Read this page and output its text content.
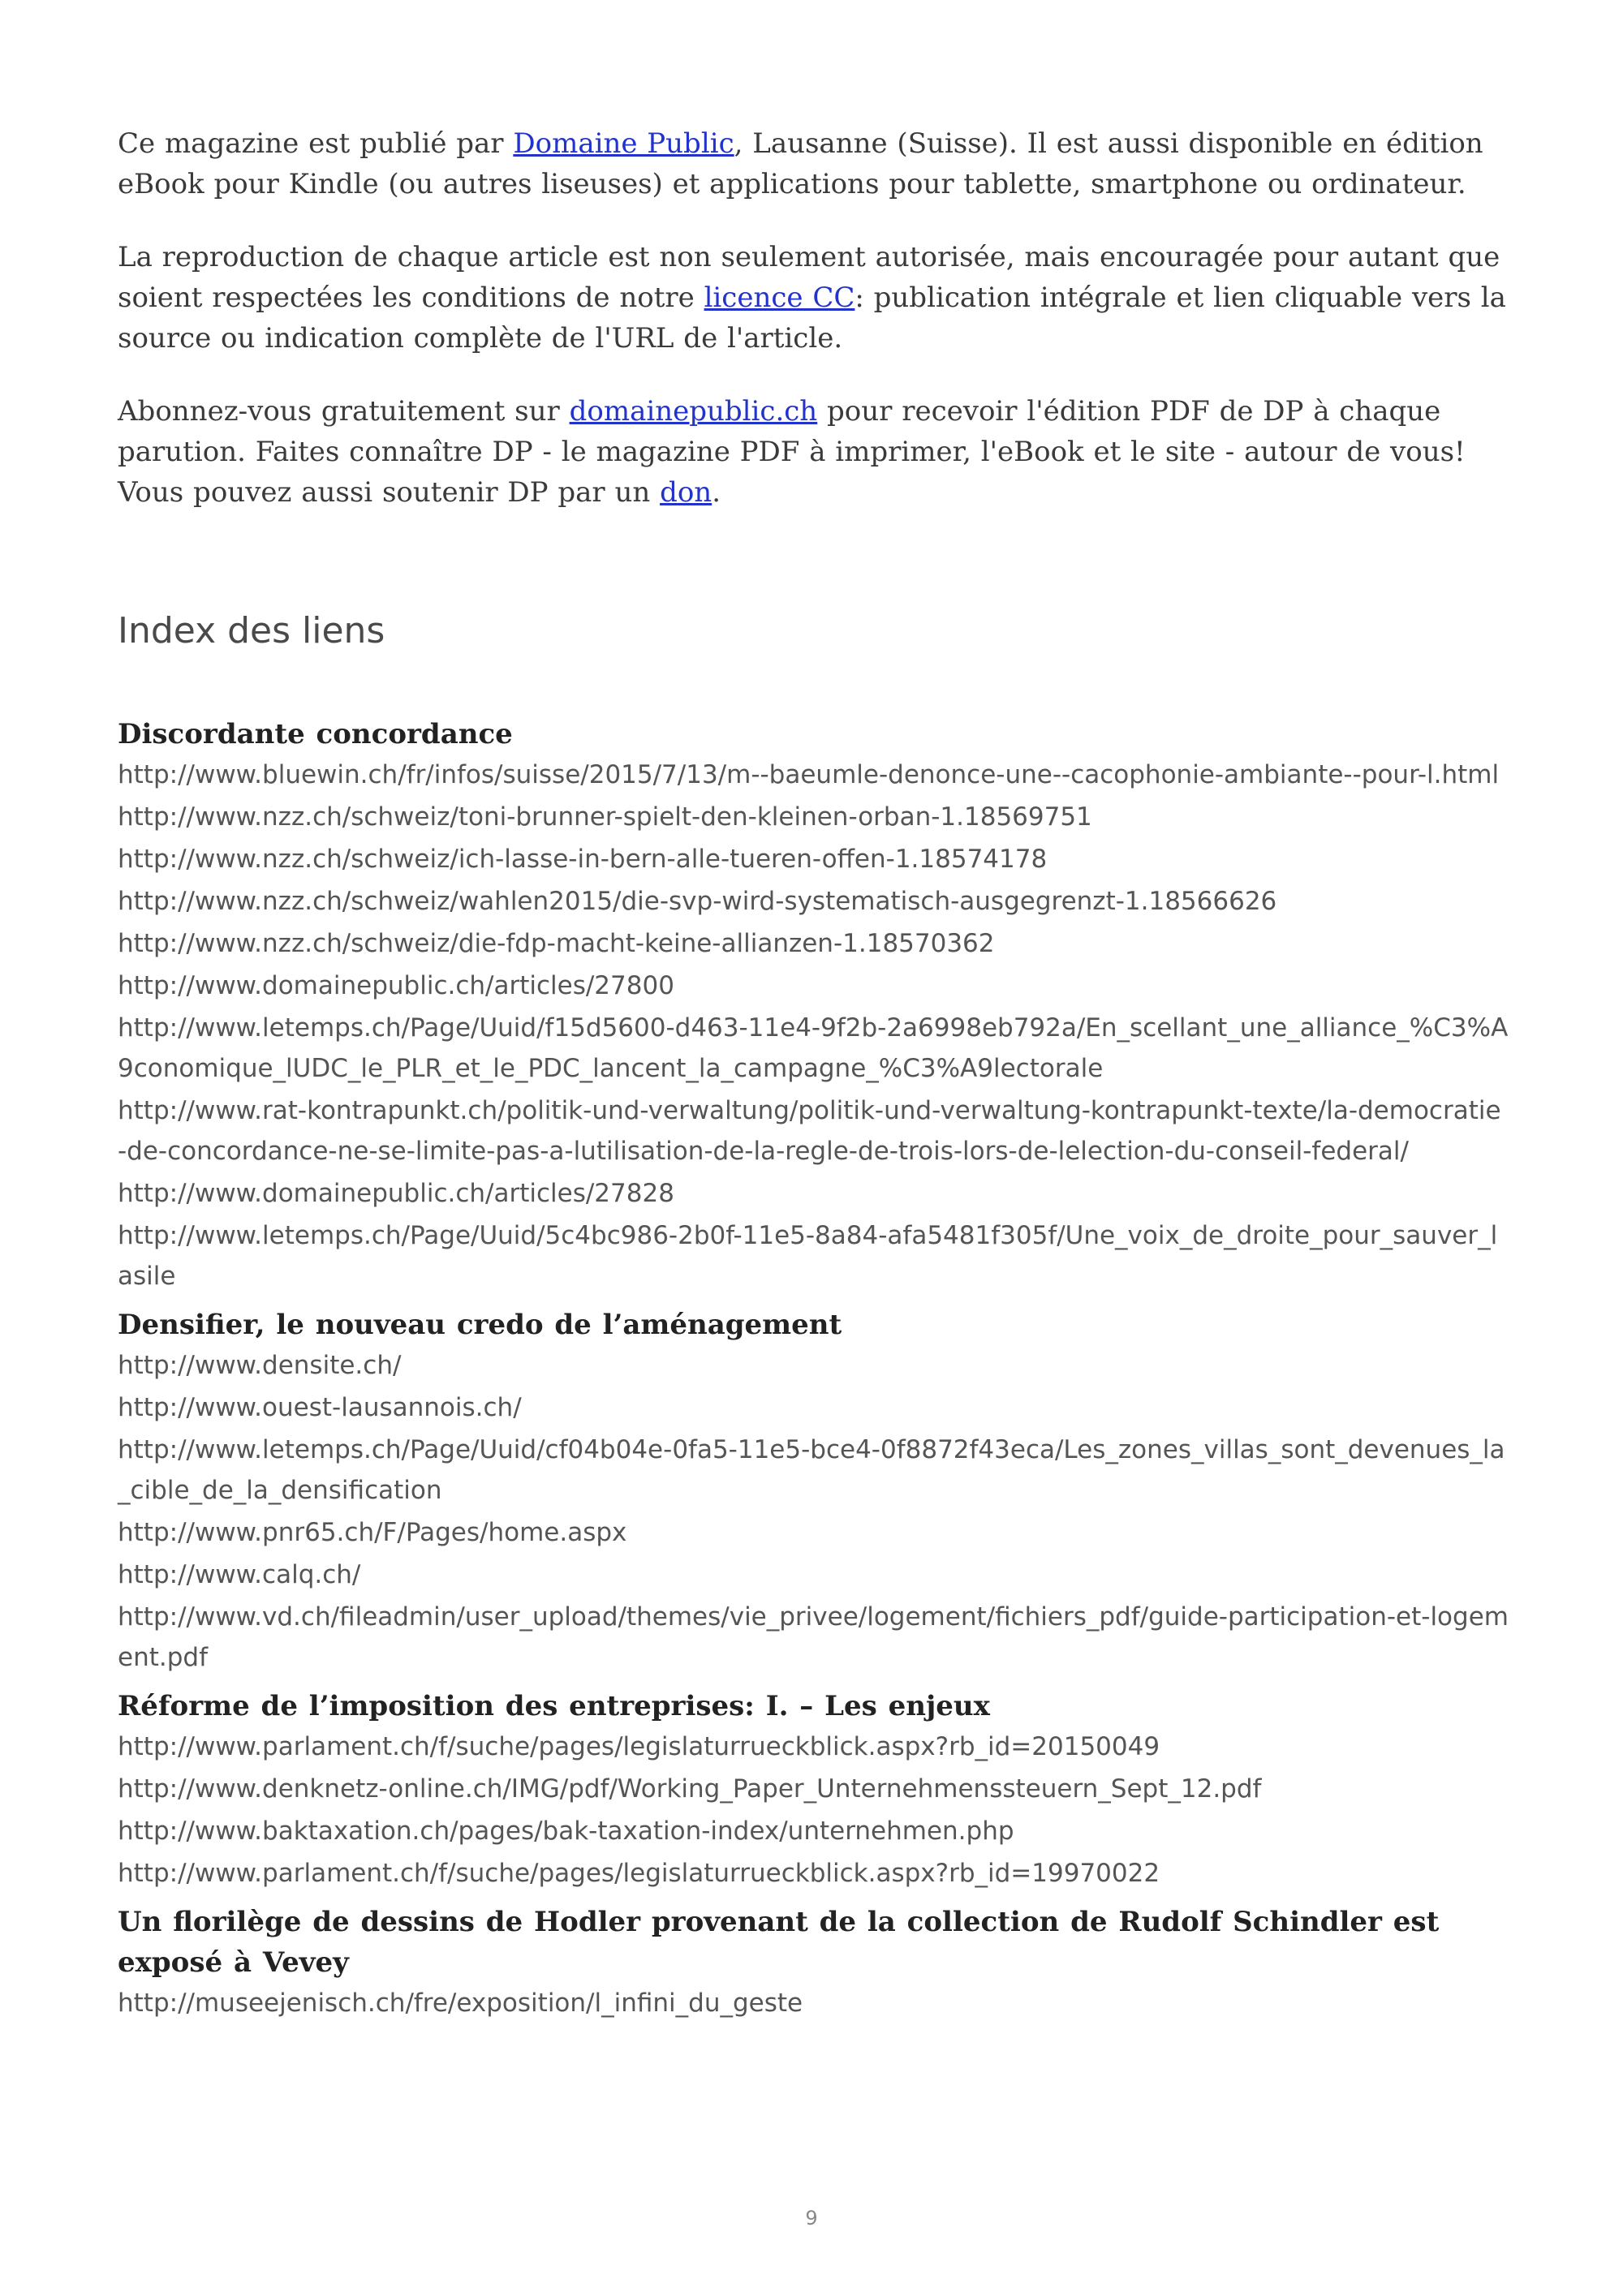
Ce magazine est publié par Domaine Public, Lausanne (Suisse). Il est aussi disponible en édition eBook pour Kindle (ou autres liseuses) et applications pour tablette, smartphone ou ordinateur.

La reproduction de chaque article est non seulement autorisée, mais encouragée pour autant que soient respectées les conditions de notre licence CC: publication intégrale et lien cliquable vers la source ou indication complète de l'URL de l'article.

Abonnez-vous gratuitement sur domainepublic.ch pour recevoir l'édition PDF de DP à chaque parution. Faites connaître DP - le magazine PDF à imprimer, l'eBook et le site - autour de vous! Vous pouvez aussi soutenir DP par un don.

Index des liens
Discordante concordance
http://www.bluewin.ch/fr/infos/suisse/2015/7/13/m--baeumle-denonce-une--cacophonie-ambiante--pour-l.html
http://www.nzz.ch/schweiz/toni-brunner-spielt-den-kleinen-orban-1.18569751
http://www.nzz.ch/schweiz/ich-lasse-in-bern-alle-tueren-offen-1.18574178
http://www.nzz.ch/schweiz/wahlen2015/die-svp-wird-systematisch-ausgegrenzt-1.18566626
http://www.nzz.ch/schweiz/die-fdp-macht-keine-allianzen-1.18570362
http://www.domainepublic.ch/articles/27800
http://www.letemps.ch/Page/Uuid/f15d5600-d463-11e4-9f2b-2a6998eb792a/En_scellant_une_alliance_%C3%A9conomique_lUDC_le_PLR_et_le_PDC_lancent_la_campagne_%C3%A9lectorale
http://www.rat-kontrapunkt.ch/politik-und-verwaltung/politik-und-verwaltung-kontrapunkt-texte/la-democratie-de-concordance-ne-se-limite-pas-a-lutilisation-de-la-regle-de-trois-lors-de-lelection-du-conseil-federal/
http://www.domainepublic.ch/articles/27828
http://www.letemps.ch/Page/Uuid/5c4bc986-2b0f-11e5-8a84-afa5481f305f/Une_voix_de_droite_pour_sauver_lasile
Densifier, le nouveau credo de l’aménagement
http://www.densite.ch/
http://www.ouest-lausannois.ch/
http://www.letemps.ch/Page/Uuid/cf04b04e-0fa5-11e5-bce4-0f8872f43eca/Les_zones_villas_sont_devenues_la_cible_de_la_densification
http://www.pnr65.ch/F/Pages/home.aspx
http://www.calq.ch/
http://www.vd.ch/fileadmin/user_upload/themes/vie_privee/logement/fichiers_pdf/guide-participation-et-logement.pdf
Réforme de l’imposition des entreprises: I. – Les enjeux
http://www.parlament.ch/f/suche/pages/legislaturrueckblick.aspx?rb_id=20150049
http://www.denknetz-online.ch/IMG/pdf/Working_Paper_Unternehmenssteuern_Sept_12.pdf
http://www.baktaxation.ch/pages/bak-taxation-index/unternehmen.php
http://www.parlament.ch/f/suche/pages/legislaturrueckblick.aspx?rb_id=19970022
Un florilège de dessins de Hodler provenant de la collection de Rudolf Schindler est exposé à Vevey
http://museejenisch.ch/fre/exposition/l_infini_du_geste
9
